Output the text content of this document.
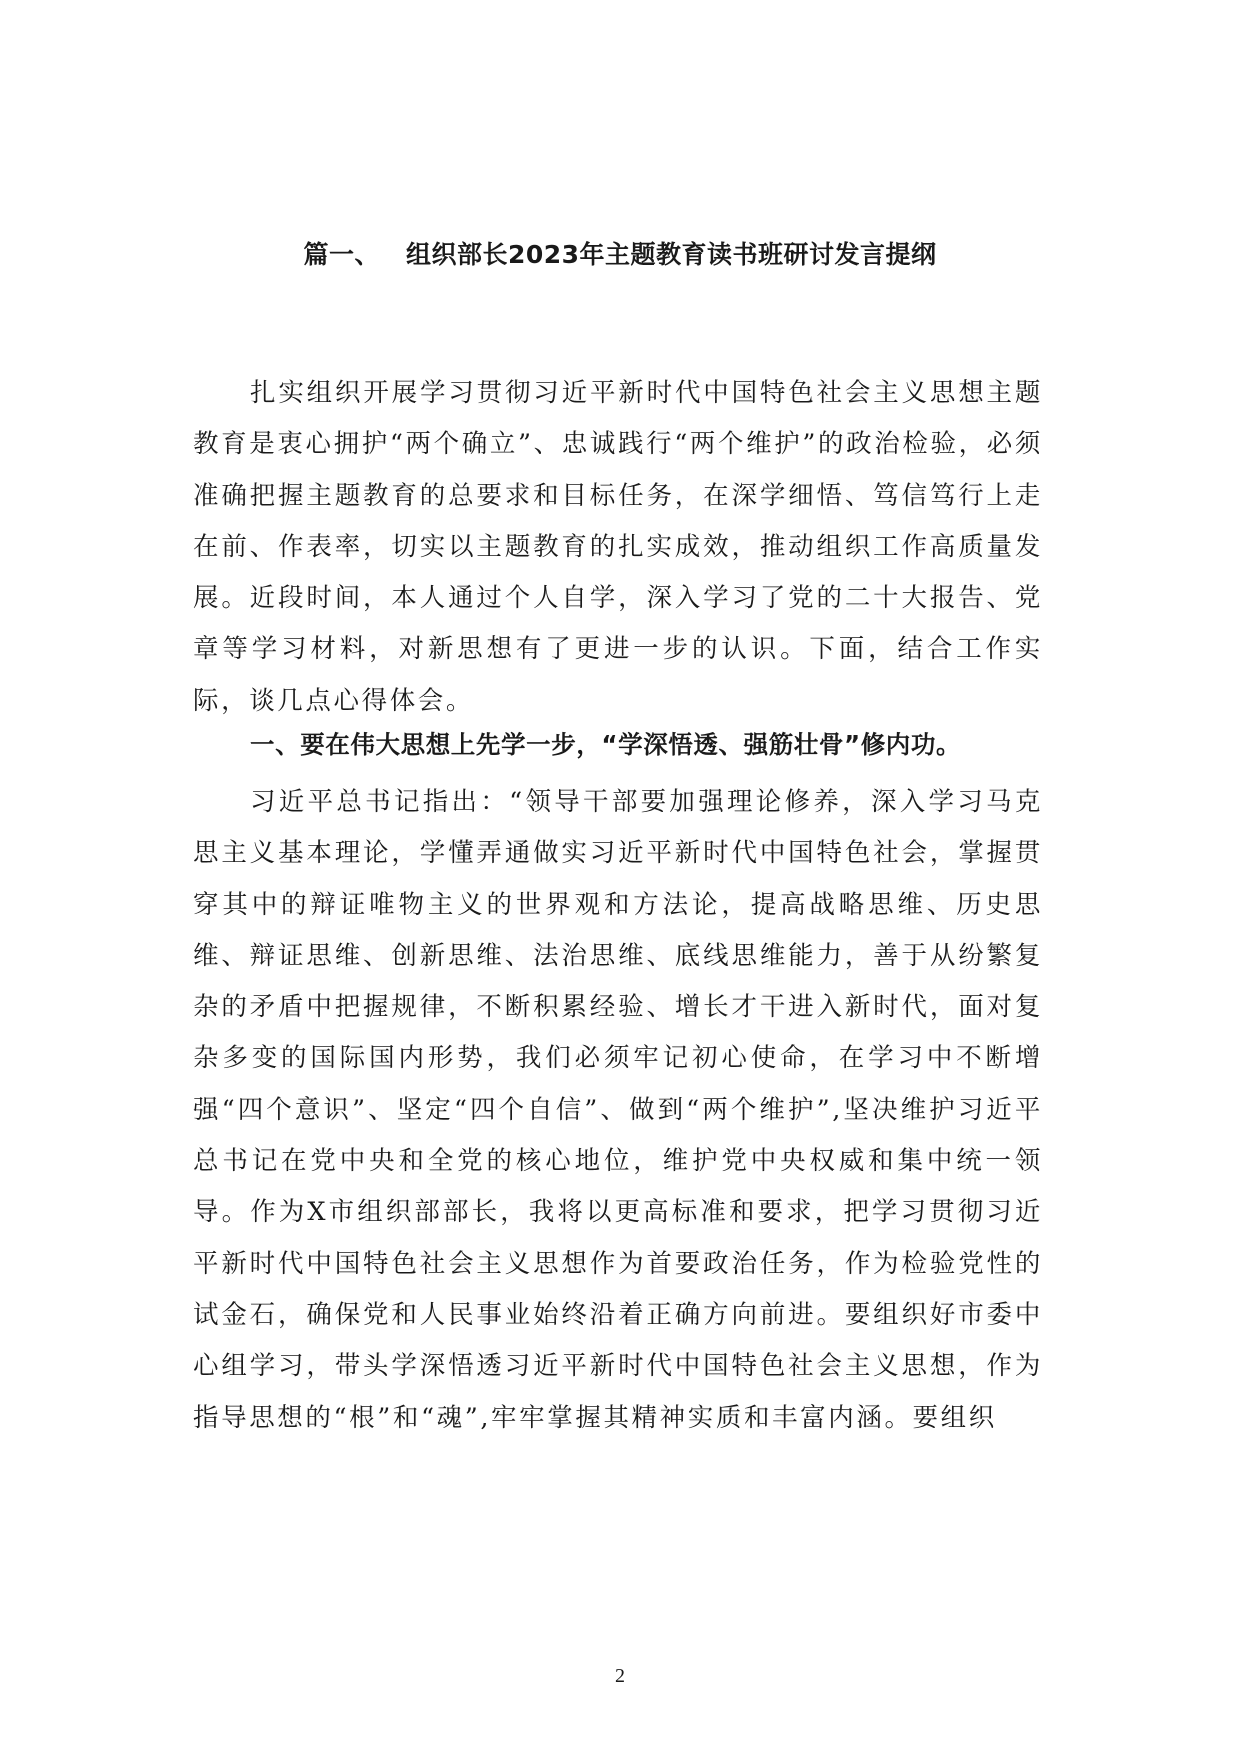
篇一、 组织部长2023年主题教育读书班研讨发言提纲

扎实组织开展学习贯彻习近平新时代中国特色社会主义思想主题教育是衷心拥护“两个确立”、忠诚践行“两个维护”的政治检验，必须准确把握主题教育的总要求和目标任务，在深学细悟、笃信笃行上走在前、作表率，切实以主题教育的扎实成效，推动组织工作高质量发展。近段时间，本人通过个人自学，深入学习了党的二十大报告、党章等学习材料，对新思想有了更进一步的认识。下面，结合工作实际，谈几点心得体会。

一、要在伟大思想上先学一步，“学深悟透、强筋壮骨”修内功。

习近平总书记指出：“领导干部要加强理论修养，深入学习马克思主义基本理论，学懂弄通做实习近平新时代中国特色社会，掌握贯穿其中的辩证唯物主义的世界观和方法论，提高战略思维、历史思维、辩证思维、创新思维、法治思维、底线思维能力，善于从纷繁复杂的矛盾中把握规律，不断积累经验、增长才干进入新时代，面对复杂多变的国际国内形势，我们必须牢记初心使命，在学习中不断增强“四个意识”、坚定“四个自信”、做到“两个维护”,坚决维护习近平总书记在党中央和全党的核心地位，维护党中央权威和集中统一领导。作为X市组织部部长，我将以更高标准和要求，把学习贯彻习近平新时代中国特色社会主义思想作为首要政治任务，作为检验党性的试金石，确保党和人民事业始终沿着正确方向前进。要组织好市委中心组学习，带头学深悟透习近平新时代中国特色社会主义思想，作为指导思想的“根”和“魂”,牢牢掌握其精神实质和丰富内涵。要组织

2
